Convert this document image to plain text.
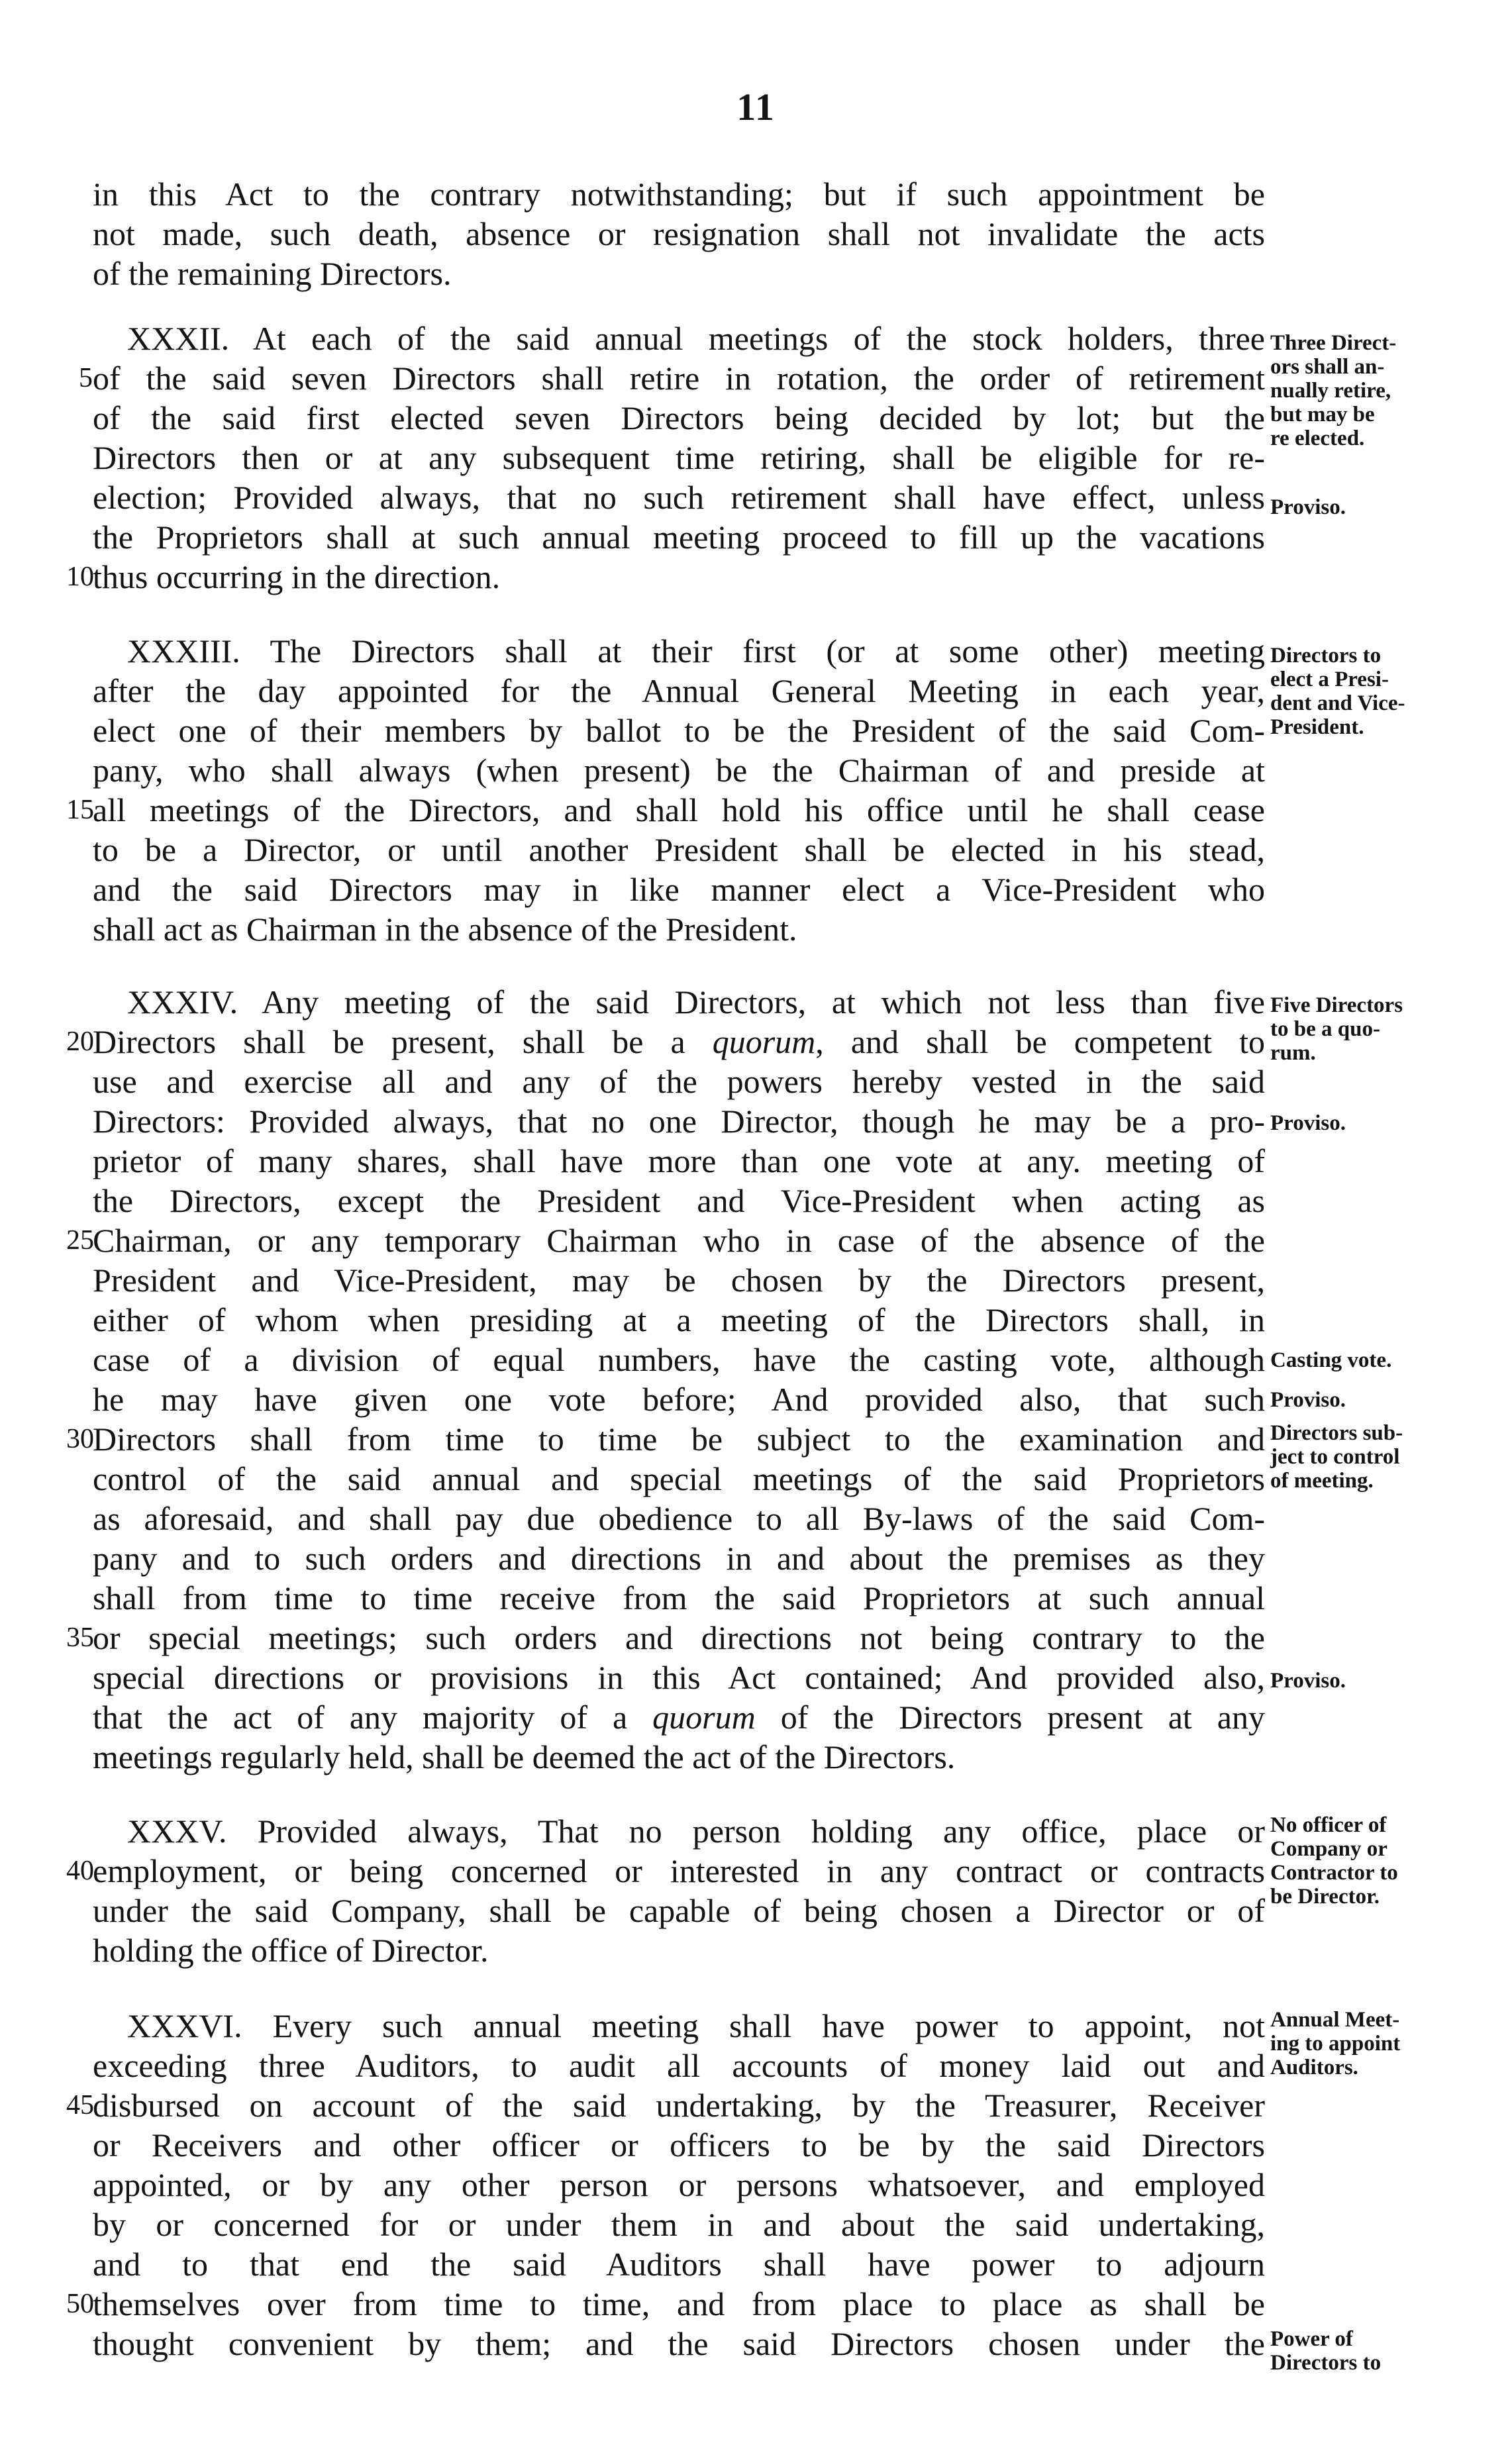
11
in this Act to the contrary notwithstanding; but if such appointment be
not made, such death, absence or resignation shall not invalidate the acts
of the remaining Directors.
XXXII. At each of the said annual meetings of the stock holders, three
of the said seven Directors shall retire in rotation, the order of retirement
of the said first elected seven Directors being decided by lot; but the
Directors then or at any subsequent time retiring, shall be eligible for re-
election; Provided always, that no such retirement shall have effect, unless
the Proprietors shall at such annual meeting proceed to fill up the vacations
thus occurring in the direction.
XXXIII. The Directors shall at their first (or at some other) meeting
after the day appointed for the Annual General Meeting in each year,
elect one of their members by ballot to be the President of the said Com-
pany, who shall always (when present) be the Chairman of and preside at
all meetings of the Directors, and shall hold his office until he shall cease
to be a Director, or until another President shall be elected in his stead,
and the said Directors may in like manner elect a Vice-President who
shall act as Chairman in the absence of the President.
XXXIV. Any meeting of the said Directors, at which not less than five
Directors shall be present, shall be a quorum, and shall be competent to
use and exercise all and any of the powers hereby vested in the said
Directors: Provided always, that no one Director, though he may be a pro-
prietor of many shares, shall have more than one vote at any. meeting of
the Directors, except the President and Vice-President when acting as
Chairman, or any temporary Chairman who in case of the absence of the
President and Vice-President, may be chosen by the Directors present,
either of whom when presiding at a meeting of the Directors shall, in
case of a division of equal numbers, have the casting vote, although
he may have given one vote before; And provided also, that such
Directors shall from time to time be subject to the examination and
control of the said annual and special meetings of the said Proprietors
as aforesaid, and shall pay due obedience to all By-laws of the said Com-
pany and to such orders and directions in and about the premises as they
shall from time to time receive from the said Proprietors at such annual
or special meetings; such orders and directions not being contrary to the
special directions or provisions in this Act contained; And provided also,
that the act of any majority of a quorum of the Directors present at any
meetings regularly held, shall be deemed the act of the Directors.
XXXV. Provided always, That no person holding any office, place or
employment, or being concerned or interested in any contract or contracts
under the said Company, shall be capable of being chosen a Director or of
holding the office of Director.
XXXVI. Every such annual meeting shall have power to appoint, not
exceeding three Auditors, to audit all accounts of money laid out and
disbursed on account of the said undertaking, by the Treasurer, Receiver
or Receivers and other officer or officers to be by the said Directors
appointed, or by any other person or persons whatsoever, and employed
by or concerned for or under them in and about the said undertaking,
and to that end the said Auditors shall have power to adjourn
themselves over from time to time, and from place to place as shall be
thought convenient by them; and the said Directors chosen under the
5
10
15
20
25
30
35
40
45
50
Three Direct-
ors shall an-
nually retire,
but may be
re elected.
Proviso.
Directors to
elect a Presi-
dent and Vice-
President.
Five Directors
to be a quo-
rum.
Proviso.
Casting vote.
Proviso.
Directors sub-
ject to control
of meeting.
Proviso.
No officer of
Company or
Contractor to
be Director.
Annual Meet-
ing to appoint
Auditors.
Power of
Directors to
